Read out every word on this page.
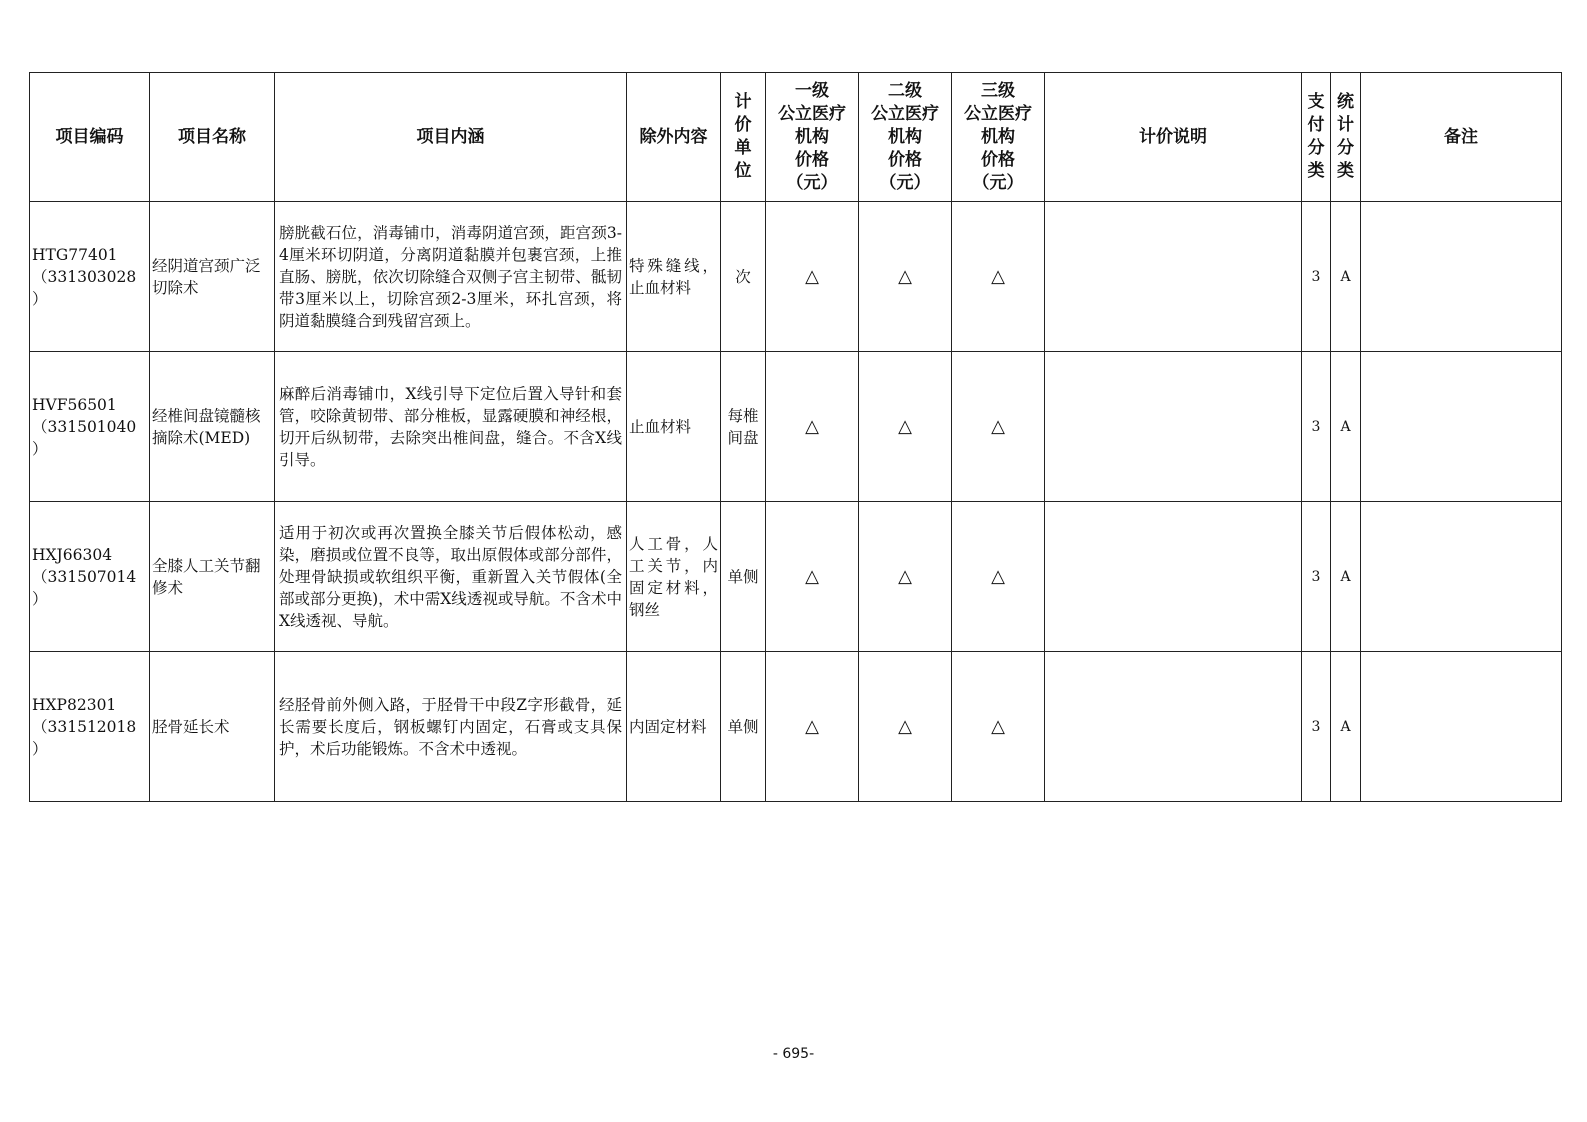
项目编码	项目名称	项目内涵	除外内容	计
价
单
位	一级
公立医疗
机构
价格
（元）	二级
公立医疗
机构
价格
（元）	三级
公立医疗
机构
价格
（元）	计价说明	支
付
分
类	统
计
分
类	备注
HTG77401
（331303028
）	经阴道宫颈广泛切除术	膀胱截石位，消毒铺巾，消毒阴道宫颈，距宫颈3-4厘米环切阴道，分离阴道黏膜并包裹宫颈，上推直肠、膀胱，依次切除缝合双侧子宫主韧带、骶韧带3厘米以上，切除宫颈2-3厘米，环扎宫颈，将阴道黏膜缝合到残留宫颈上。	特殊缝线，止血材料	次	△	△	△		3	A	
HVF56501
（331501040
）	经椎间盘镜髓核摘除术(MED)	麻醉后消毒铺巾，X线引导下定位后置入导针和套管，咬除黄韧带、部分椎板，显露硬膜和神经根，切开后纵韧带，去除突出椎间盘，缝合。不含X线引导。	止血材料	每椎间盘	△	△	△		3	A	
HXJ66304
（331507014
）	全膝人工关节翻修术	适用于初次或再次置换全膝关节后假体松动，感染，磨损或位置不良等，取出原假体或部分部件，处理骨缺损或软组织平衡，重新置入关节假体(全部或部分更换)，术中需X线透视或导航。不含术中X线透视、导航。	人工骨，人工关节，内固定材料，钢丝	单侧	△	△	△		3	A	
HXP82301
（331512018
）	胫骨延长术	经胫骨前外侧入路，于胫骨干中段Z字形截骨，延长需要长度后，钢板螺钉内固定，石膏或支具保护，术后功能锻炼。不含术中透视。	内固定材料	单侧	△	△	△		3	A	
- 695-
